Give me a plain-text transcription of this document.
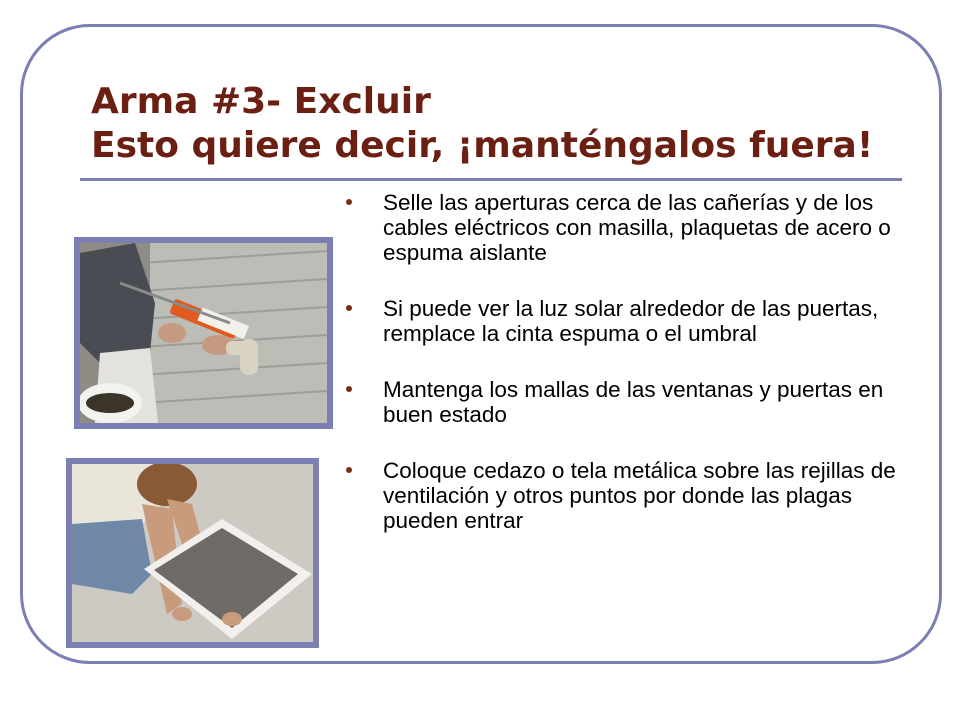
Arma #3- Excluir
Esto quiere decir, ¡manténgalos fuera!
Selle las aperturas cerca de las cañerías y de los cables eléctricos con masilla, plaquetas de acero o espuma aislante
Si puede ver la luz solar alrededor de las puertas, remplace la cinta espuma o el umbral
Mantenga los mallas de las ventanas y puertas en buen estado
Coloque cedazo o tela metálica sobre las rejillas de ventilación y otros puntos por donde las plagas pueden entrar
